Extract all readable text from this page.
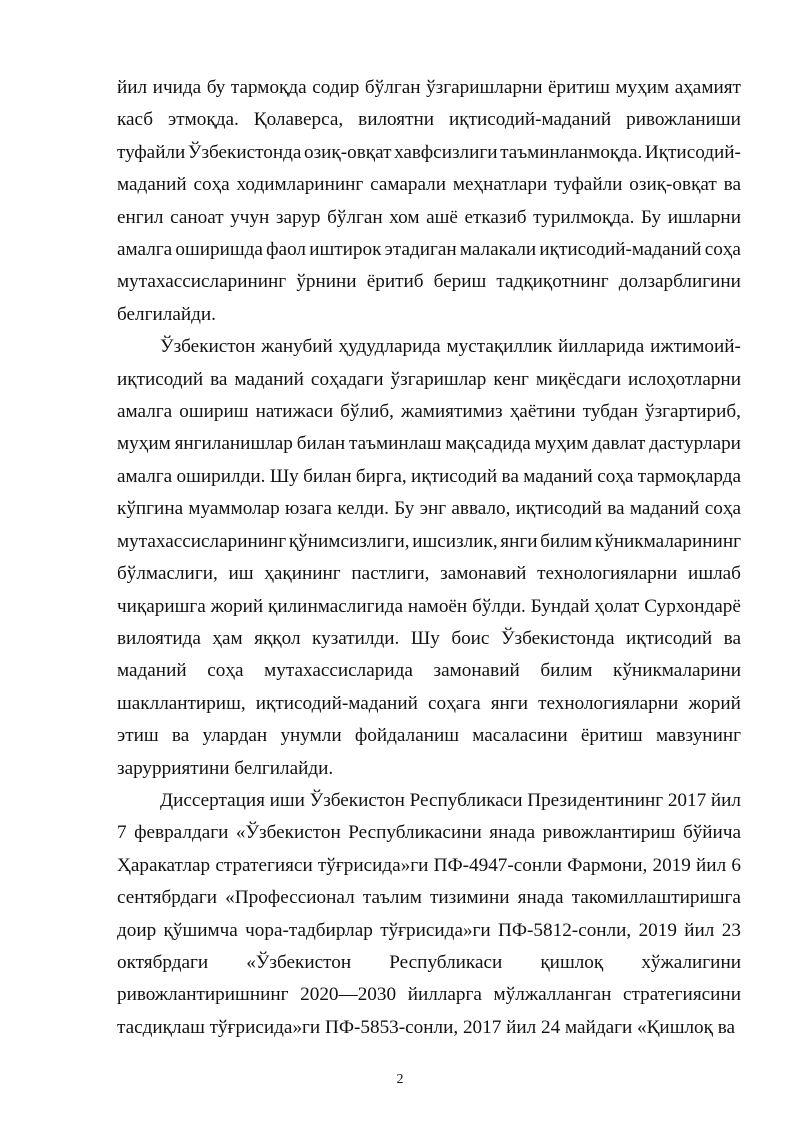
йил ичида бу тармоқда содир бўлган ўзгаришларни ёритиш муҳим аҳамият
касб этмоқда. Қолаверса, вилоятни иқтисодий-маданий ривожланиши
туфайли Ўзбекистонда озиқ-овқат хавфсизлиги таъминланмоқда. Иқтисодий-
маданий соҳа ходимларининг самарали меҳнатлари туфайли озиқ-овқат ва
енгил саноат учун зарур бўлган хом ашё етказиб турилмоқда. Бу ишларни
амалга оширишда фаол иштирок этадиган малакали иқтисодий-маданий соҳа
мутахассисларининг ўрнини ёритиб бериш тадқиқотнинг долзарблигини
белгилайди.

Ўзбекистон жанубий ҳудудларида мустақиллик йилларида ижтимоий-
иқтисодий ва маданий соҳадаги ўзгаришлар кенг миқёсдаги ислоҳотларни
амалга ошириш натижаси бўлиб, жамиятимиз ҳаётини тубдан ўзгартириб,
муҳим янгиланишлар билан таъминлаш мақсадида муҳим давлат дастурлари
амалга оширилди. Шу билан бирга, иқтисодий ва маданий соҳа тармоқларда
кўпгина муаммолар юзага келди. Бу энг аввало, иқтисодий ва маданий соҳа
мутахассисларининг қўнимсизлиги, ишсизлик, янги билим кўникмаларининг
бўлмаслиги, иш ҳақининг пастлиги, замонавий технологияларни ишлаб
чиқаришга жорий қилинмаслигида намоён бўлди. Бундай ҳолат Сурхондарё
вилоятида ҳам яққол кузатилди. Шу боис Ўзбекистонда иқтисодий ва
маданий соҳа мутахассисларида замонавий билим кўникмаларини
шакллантириш, иқтисодий-маданий соҳага янги технологияларни жорий
этиш ва улардан унумли фойдаланиш масаласини ёритиш мавзунинг
зарурриятини белгилайди.

Диссертация иши Ўзбекистон Республикаси Президентининг 2017 йил
7 февралдаги «Ўзбекистон Республикасини янада ривожлантириш бўйича
Ҳаракатлар стратегияси тўғрисида»ги ПФ-4947-сонли Фармони, 2019 йил 6
сентябрдаги «Профессионал таълим тизимини янада такомиллаштиришга
доир қўшимча чора-тадбирлар тўғрисида»ги ПФ-5812-сонли, 2019 йил 23
октябрдаги «Ўзбекистон Республикаси қишлоқ хўжалигини
ривожлантиришнинг 2020—2030 йилларга мўлжалланган стратегиясини
тасдиқлаш тўғрисида»ги ПФ-5853-сонли, 2017 йил 24 майдаги «Қишлоқ ва

2
